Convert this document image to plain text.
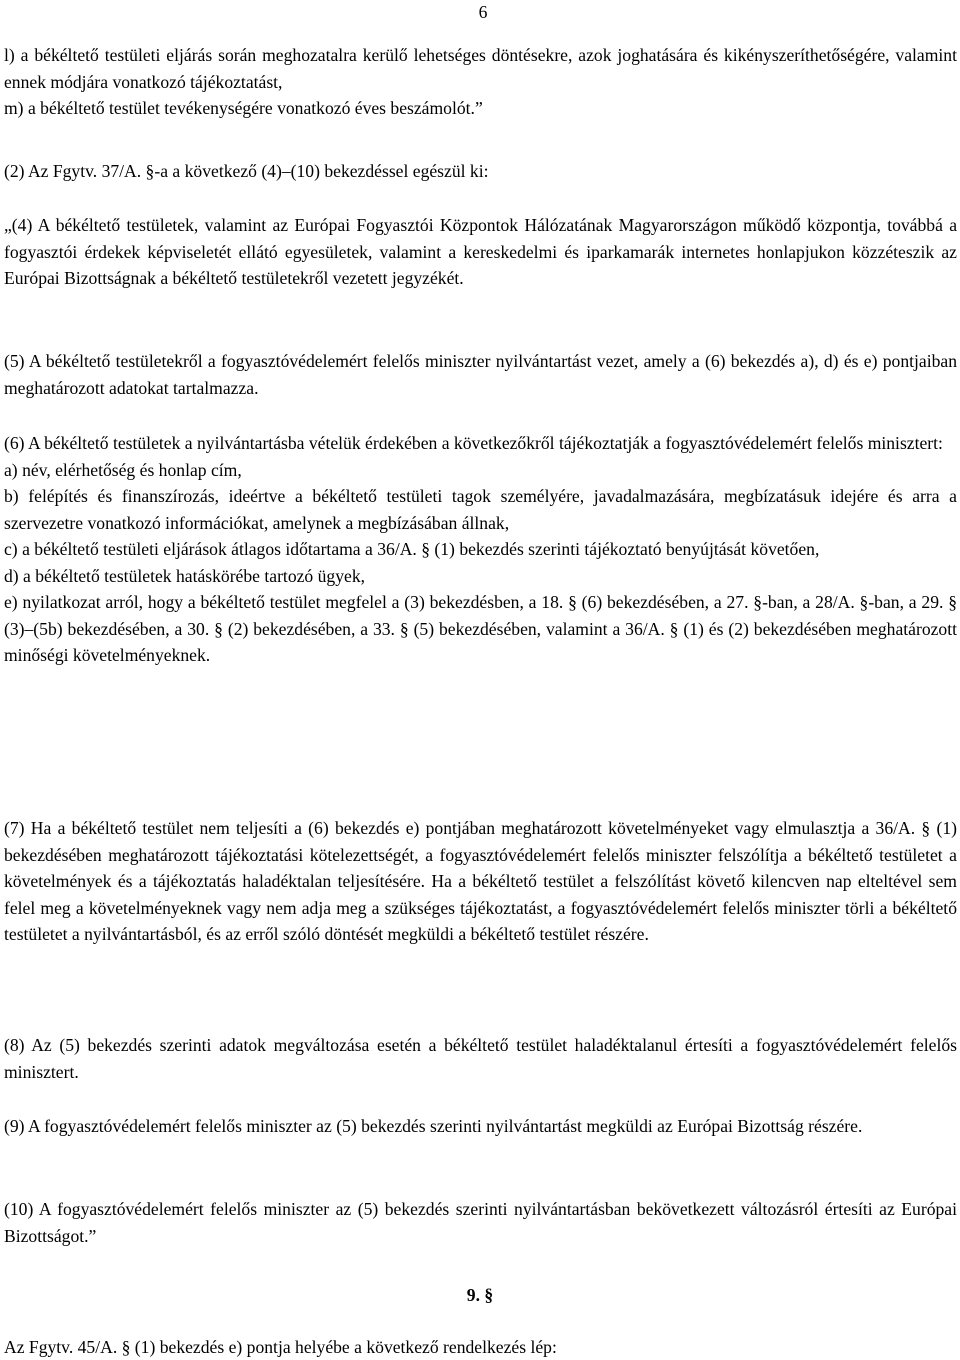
6

l) a békéltető testületi eljárás során meghozatalra kerülő lehetséges döntésekre, azok joghatására és kikényszeríthetőségére, valamint ennek módjára vonatkozó tájékoztatást,

m) a békéltető testület tevékenységére vonatkozó éves beszámolót.”

(2) Az Fgytv. 37/A. §-a a következő (4)–(10) bekezdéssel egészül ki:

„(4) A békéltető testületek, valamint az Európai Fogyasztói Központok Hálózatának Magyarországon működő központja, továbbá a fogyasztói érdekek képviseletét ellátó egyesületek, valamint a kereskedelmi és iparkamarák internetes honlapjukon közzéteszik az Európai Bizottságnak a békéltető testületekről vezetett jegyzékét.

(5) A békéltető testületekről a fogyasztóvédelemért felelős miniszter nyilvántartást vezet, amely a (6) bekezdés a), d) és e) pontjaiban meghatározott adatokat tartalmazza.

(6) A békéltető testületek a nyilvántartásba vételük érdekében a következőkről tájékoztatják a fogyasztóvédelemért felelős minisztert:

a) név, elérhetőség és honlap cím,

b) felépítés és finanszírozás, ideértve a békéltető testületi tagok személyére, javadalmazására, megbízatásuk idejére és arra a szervezetre vonatkozó információkat, amelynek a megbízásában állnak,

c) a békéltető testületi eljárások átlagos időtartama a 36/A. § (1) bekezdés szerinti tájékoztató benyújtását követően,

d) a békéltető testületek hatáskörébe tartozó ügyek,

e) nyilatkozat arról, hogy a békéltető testület megfelel a (3) bekezdésben, a 18. § (6) bekezdésében, a 27. §-ban, a 28/A. §-ban, a 29. § (3)–(5b) bekezdésében, a 30. § (2) bekezdésében, a 33. § (5) bekezdésében, valamint a 36/A. § (1) és (2) bekezdésében meghatározott minőségi követelményeknek.

(7) Ha a békéltető testület nem teljesíti a (6) bekezdés e) pontjában meghatározott követelményeket vagy elmulasztja a 36/A. § (1) bekezdésében meghatározott tájékoztatási kötelezettségét, a fogyasztóvédelemért felelős miniszter felszólítja a békéltető testületet a követelmények és a tájékoztatás haladéktalan teljesítésére. Ha a békéltető testület a felszólítást követő kilencven nap elteltével sem felel meg a követelményeknek vagy nem adja meg a szükséges tájékoztatást, a fogyasztóvédelemért felelős miniszter törli a békéltető testületet a nyilvántartásból, és az erről szóló döntését megküldi a békéltető testület részére.

(8) Az (5) bekezdés szerinti adatok megváltozása esetén a békéltető testület haladéktalanul értesíti a fogyasztóvédelemért felelős minisztert.

(9) A fogyasztóvédelemért felelős miniszter az (5) bekezdés szerinti nyilvántartást megküldi az Európai Bizottság részére.

(10) A fogyasztóvédelemért felelős miniszter az (5) bekezdés szerinti nyilvántartásban bekövetkezett változásról értesíti az Európai Bizottságot.”

9. §
Az Fgytv. 45/A. § (1) bekezdés e) pontja helyébe a következő rendelkezés lép:
